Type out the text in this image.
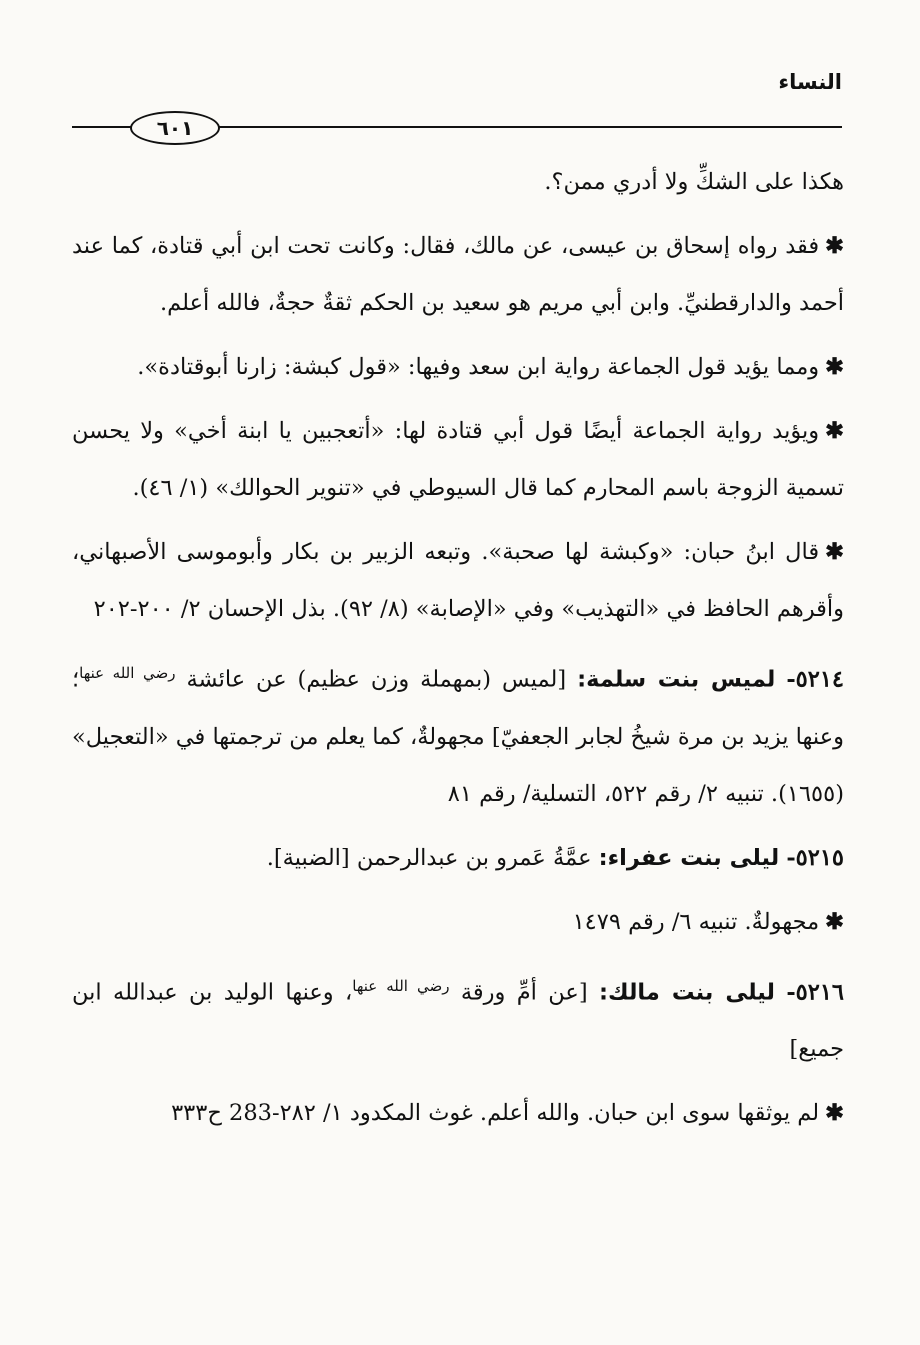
النساء
٦٠١

هكذا على الشكِّ ولا أدري ممن؟.

✱فقد رواه إسحاق بن عيسى، عن مالك، فقال: وكانت تحت ابن أبي قتادة، كما عند أحمد والدارقطنيِّ. وابن أبي مريم هو سعيد بن الحكم ثقةٌ حجةٌ، فالله أعلم.

✱ومما يؤيد قول الجماعة رواية ابن سعد وفيها: «قول كبشة: زارنا أبوقتادة».

✱ويؤيد رواية الجماعة أيضًا قول أبي قتادة لها: «أتعجبين يا ابنة أخي» ولا يحسن تسمية الزوجة باسم المحارم كما قال السيوطي في «تنوير الحوالك» (١/ ٤٦).

✱قال ابنُ حبان: «وكبشة لها صحبة». وتبعه الزبير بن بكار وأبوموسى الأصبهاني، وأقرهم الحافظ في «التهذيب» وفي «الإصابة» (٨/ ٩٢). بذل الإحسان ٢/ ٢٠٠-٢٠٢

٥٢١٤- لميس بنت سلمة: [لميس (بمهملة وزن عظيم) عن عائشة $^{رضي الله عنها}$؛ وعنها يزيد بن مرة شيخُ لجابر الجعفيّ] مجهولةٌ، كما يعلم من ترجمتها في «التعجيل» (١٦٥٥). تنبيه ٢/ رقم ٥٢٢، التسلية/ رقم ٨١

٥٢١٥- ليلى بنت عفراء: عمَّةُ عَمرو بن عبدالرحمن [الضبية].

✱مجهولةٌ. تنبيه ٦/ رقم ١٤٧٩

٥٢١٦- ليلى بنت مالك: [عن أمِّ ورقة $^{رضي الله عنها}$، وعنها الوليد بن عبدالله ابن جميع]

✱لم يوثقها سوى ابن حبان. والله أعلم. غوث المكدود ١/ ٢٨٢-283 ح٣٣٣
